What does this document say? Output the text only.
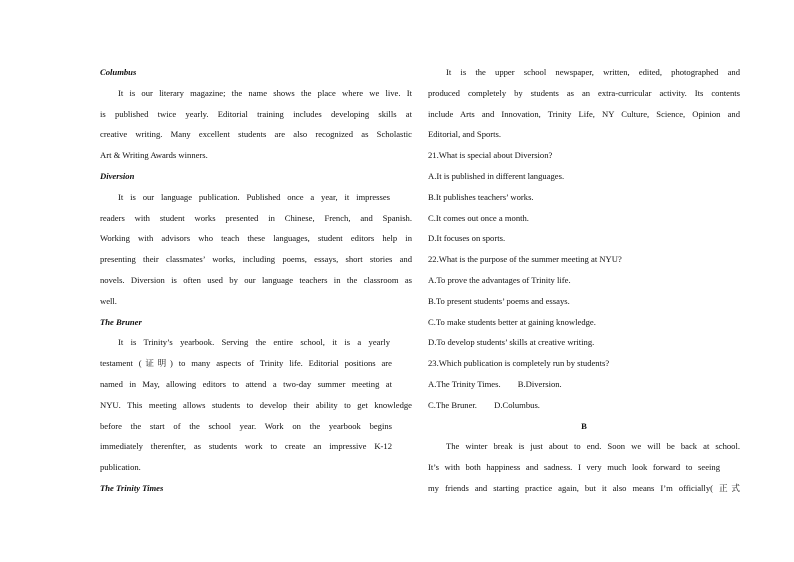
Columbus
It is our literary magazine; the name shows the place where we live. It
is published twice yearly. Editorial training includes developing skills at
creative writing. Many excellent students are also recognized as Scholastic
Art & Writing Awards winners.
Diversion
It is our language publication. Published once a year, it impresses
readers with student works presented in Chinese, French, and Spanish.
Working with advisors who teach these languages, student editors help in
presenting their classmates’ works, including poems, essays, short stories and
novels. Diversion is often used by our language teachers in the classroom as
well.
The Bruner
It is Trinity’s yearbook. Serving the entire school, it is a yearly
testament (证明) to many aspects of Trinity life. Editorial positions are
named in May, allowing editors to attend a two-day summer meeting at
NYU. This meeting allows students to develop their ability to get knowledge
before the start of the school year. Work on the yearbook begins
immediately therenfter, as students work to create an impressive K-12
publication.
The Trinity Times
It is the upper school newspaper, written, edited, photographed and
produced completely by students as an extra-curricular activity. Its contents
include Arts and Innovation, Trinity Life, NY Culture, Science, Opinion and
Editorial, and Sports.
21.What is special about Diversion?
A.It is published in different languages.
B.It publishes teachers’ works.
C.It comes out once a month.
D.It focuses on sports.
22.What is the purpose of the summer meeting at NYU?
A.To prove the advantages of Trinity life.
B.To present students’ poems and essays.
C.To make students better at gaining knowledge.
D.To develop students’ skills at creative writing.
23.Which publication is completely run by students?
A.The Trinity Times.        B.Diversion.
C.The Bruner.        D.Columbus.
B
The winter break is just about to end. Soon we will be back at school.
It’s with both happiness and sadness. I very much look forward to seeing
my friends and starting practice again, but it also means I’m officially( 正式
